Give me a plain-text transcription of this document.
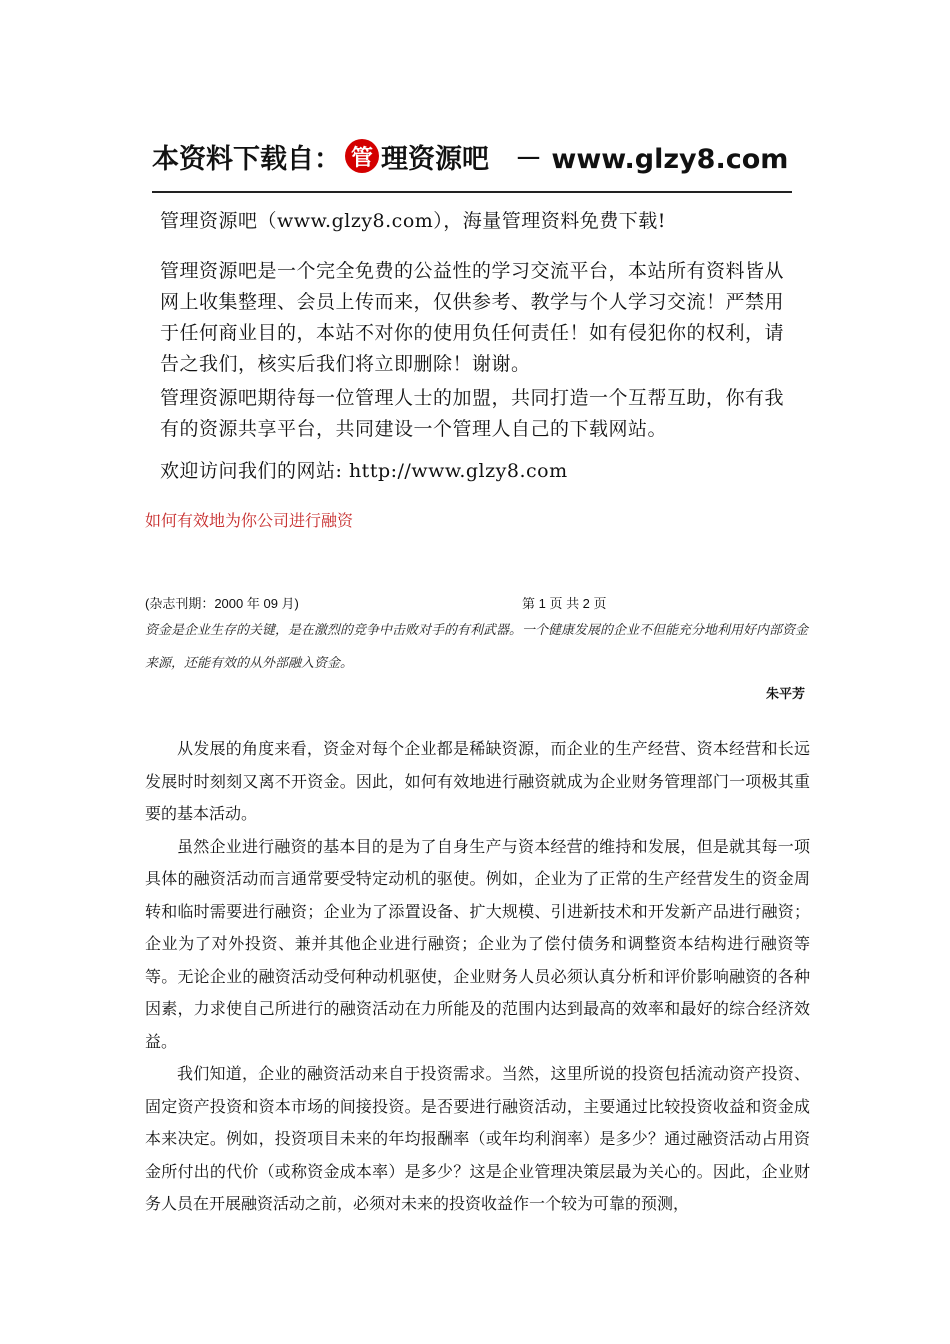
本资料下载自： 管 理资源吧 － www.glzy8.com
管理资源吧（www.glzy8.com），海量管理资料免费下载!
管理资源吧是一个完全免费的公益性的学习交流平台，本站所有资料皆从网上收集整理、会员上传而来，仅供参考、教学与个人学习交流！严禁用于任何商业目的，本站不对你的使用负任何责任！如有侵犯你的权利，请告之我们，核实后我们将立即删除！谢谢。
管理资源吧期待每一位管理人士的加盟，共同打造一个互帮互助，你有我有的资源共享平台，共同建设一个管理人自己的下载网站。
欢迎访问我们的网站: http://www.glzy8.com
如何有效地为你公司进行融资
(杂志刊期：2000 年 09 月)	第 1 页 共 2 页
资金是企业生存的关键，是在激烈的竞争中击败对手的有利武器。一个健康发展的企业不但能充分地利用好内部资金来源，还能有效的从外部融入资金。
朱平芳

从发展的角度来看，资金对每个企业都是稀缺资源，而企业的生产经营、资本经营和长远发展时时刻刻又离不开资金。因此，如何有效地进行融资就成为企业财务管理部门一项极其重要的基本活动。

虽然企业进行融资的基本目的是为了自身生产与资本经营的维持和发展，但是就其每一项具体的融资活动而言通常要受特定动机的驱使。例如，企业为了正常的生产经营发生的资金周转和临时需要进行融资；企业为了添置设备、扩大规模、引进新技术和开发新产品进行融资；企业为了对外投资、兼并其他企业进行融资；企业为了偿付债务和调整资本结构进行融资等等。无论企业的融资活动受何种动机驱使，企业财务人员必须认真分析和评价影响融资的各种因素，力求使自己所进行的融资活动在力所能及的范围内达到最高的效率和最好的综合经济效益。

我们知道，企业的融资活动来自于投资需求。当然，这里所说的投资包括流动资产投资、固定资产投资和资本市场的间接投资。是否要进行融资活动，主要通过比较投资收益和资金成本来决定。例如，投资项目未来的年均报酬率（或年均利润率）是多少？通过融资活动占用资金所付出的代价（或称资金成本率）是多少？这是企业管理决策层最为关心的。因此，企业财务人员在开展融资活动之前，必须对未来的投资收益作一个较为可靠的预测，
